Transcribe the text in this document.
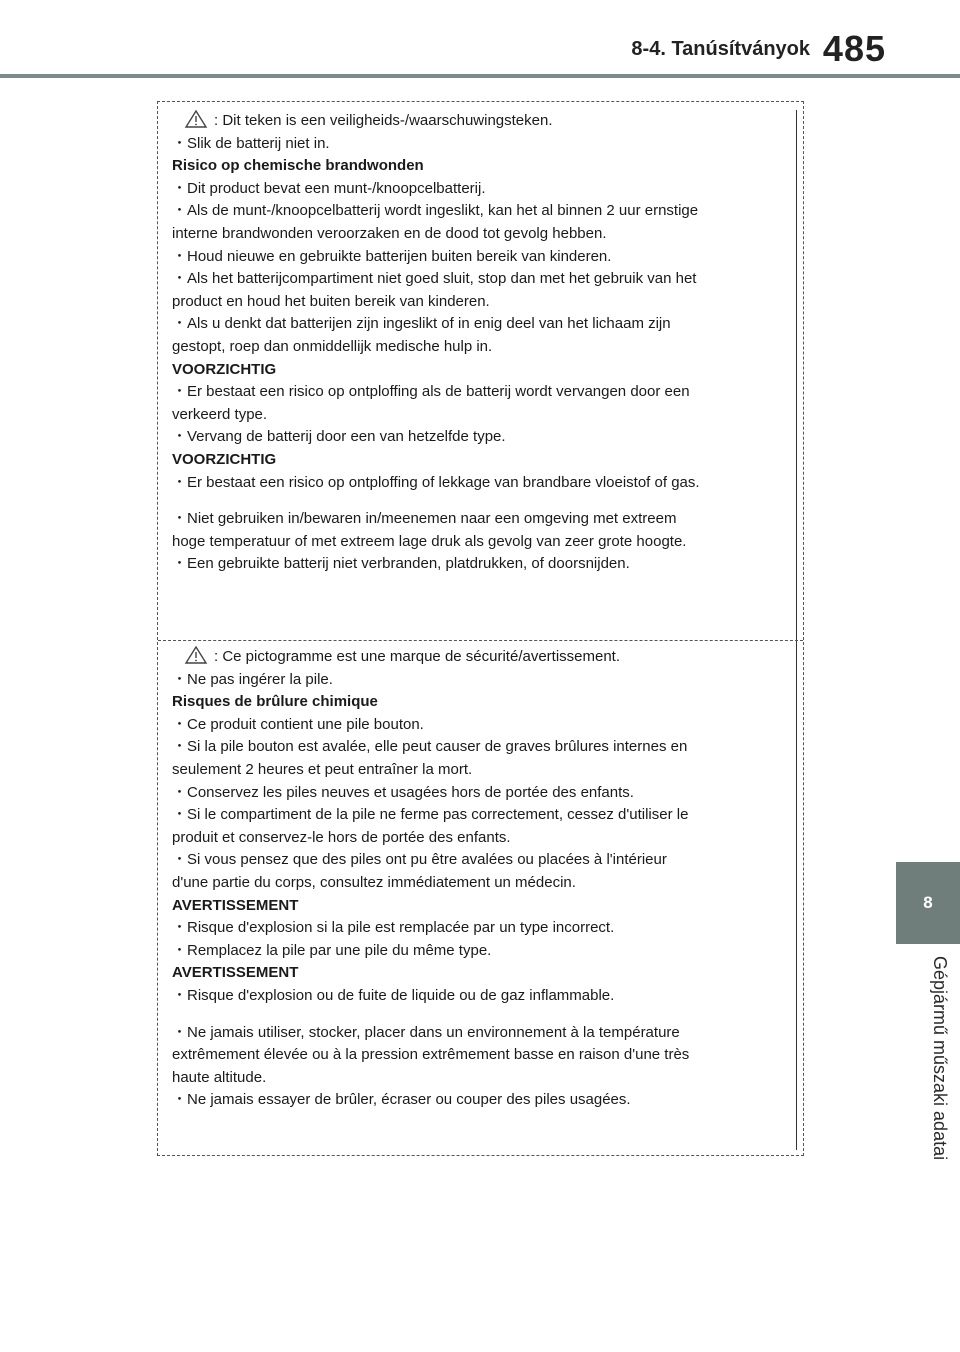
8-4. Tanúsítványok 485
8
Gépjármű műszaki adatai

: Dit teken is een veiligheids-/waarschuwingsteken.

・Slik de batterij niet in.

Risico op chemische brandwonden

・Dit product bevat een munt-/knoopcelbatterij.

・Als de munt-/knoopcelbatterij wordt ingeslikt, kan het al binnen 2 uur ernstige

interne brandwonden veroorzaken en de dood tot gevolg hebben.

・Houd nieuwe en gebruikte batterijen buiten bereik van kinderen.

・Als het batterijcompartiment niet goed sluit, stop dan met het gebruik van het

product en houd het buiten bereik van kinderen.

・Als u denkt dat batterijen zijn ingeslikt of in enig deel van het lichaam zijn

gestopt, roep dan onmiddellijk medische hulp in.

VOORZICHTIG

・Er bestaat een risico op ontploffing als de batterij wordt vervangen door een

verkeerd type.

・Vervang de batterij door een van hetzelfde type.

VOORZICHTIG

・Er bestaat een risico op ontploffing of lekkage van brandbare vloeistof of gas.

・Niet gebruiken in/bewaren in/meenemen naar een omgeving met extreem

hoge temperatuur of met extreem lage druk als gevolg van zeer grote hoogte.

・Een gebruikte batterij niet verbranden, platdrukken, of doorsnijden.

: Ce pictogramme est une marque de sécurité/avertissement.

・Ne pas ingérer la pile.

Risques de brûlure chimique

・Ce produit contient une pile bouton.

・Si la pile bouton est avalée, elle peut causer de graves brûlures internes en

seulement 2 heures et peut entraîner la mort.

・Conservez les piles neuves et usagées hors de portée des enfants.

・Si le compartiment de la pile ne ferme pas correctement, cessez d'utiliser le

produit et conservez-le hors de portée des enfants.

・Si vous pensez que des piles ont pu être avalées ou placées à l'intérieur

d'une partie du corps, consultez immédiatement un médecin.

AVERTISSEMENT

・Risque d'explosion si la pile est remplacée par un type incorrect.

・Remplacez la pile par une pile du même type.

AVERTISSEMENT

・Risque d'explosion ou de fuite de liquide ou de gaz inflammable.

・Ne jamais utiliser, stocker, placer dans un environnement à la température

extrêmement élevée ou à la pression extrêmement basse en raison d'une très

haute altitude.

・Ne jamais essayer de brûler, écraser ou couper des piles usagées.
